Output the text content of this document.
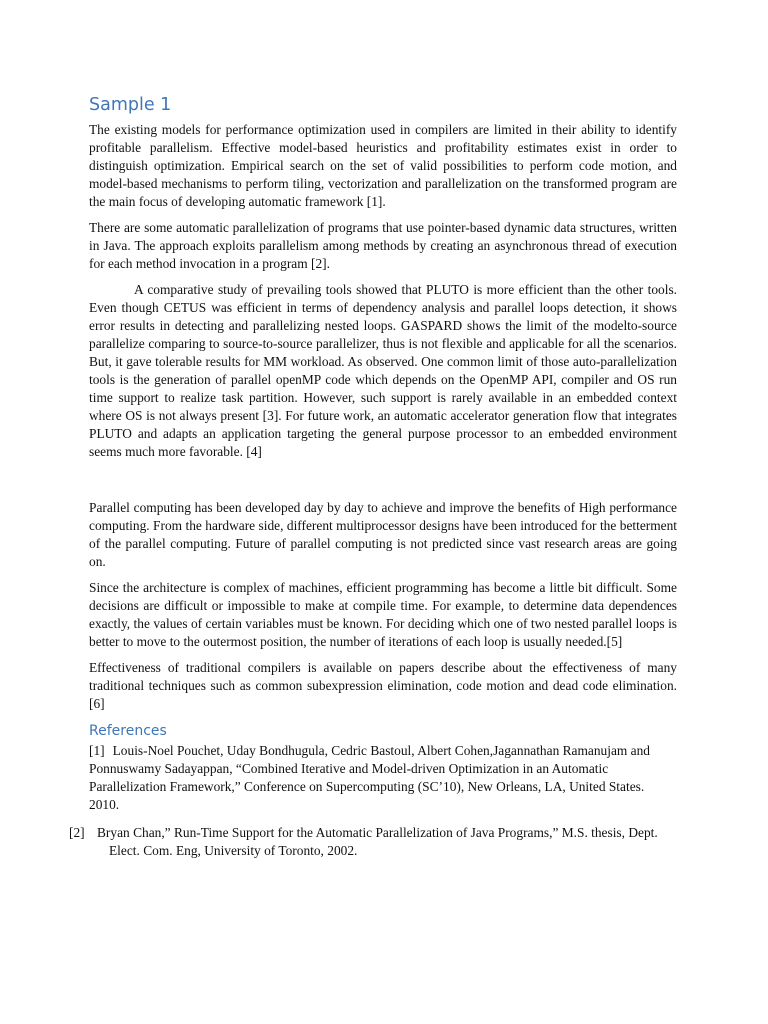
Sample 1

The existing models for performance optimization used in compilers are limited in their ability to identify profitable parallelism. Effective model-based heuristics and profitability estimates exist in order to distinguish optimization. Empirical search on the set of valid possibilities to perform code motion, and model-based mechanisms to perform tiling, vectorization and parallelization on the transformed program are the main focus of developing automatic framework [1].

There are some automatic parallelization of programs that use pointer-based dynamic data structures, written in Java. The approach exploits parallelism among methods by creating an asynchronous thread of execution for each method invocation in a program [2].

A comparative study of prevailing tools showed that PLUTO is more efficient than the other tools. Even though CETUS was efficient in terms of dependency analysis and parallel loops detection, it shows error results in detecting and parallelizing nested loops. GASPARD shows the limit of the modelto-source parallelize comparing to source-to-source parallelizer, thus is not flexible and applicable for all the scenarios. But, it gave tolerable results for MM workload. As observed. One common limit of those auto-parallelization tools is the generation of parallel openMP code which depends on the OpenMP API, compiler and OS run time support to realize task partition. However, such support is rarely available in an embedded context where OS is not always present [3]. For future work, an automatic accelerator generation flow that integrates PLUTO and adapts an application targeting the general purpose processor to an embedded environment seems much more favorable. [4]

Parallel computing has been developed day by day to achieve and improve the benefits of High performance computing. From the hardware side, different multiprocessor designs have been introduced for the betterment of the parallel computing. Future of parallel computing is not predicted since vast research areas are going on.

Since the architecture is complex of machines, efficient programming has become a little bit difficult. Some decisions are difficult or impossible to make at compile time. For example, to determine data dependences exactly, the values of certain variables must be known. For deciding which one of two nested parallel loops is better to move to the outermost position, the number of iterations of each loop is usually needed.[5]

Effectiveness of traditional compilers is available on papers describe about the effectiveness of many traditional techniques such as common subexpression elimination, code motion and dead code elimination.[6]

References

[1] Louis-Noel Pouchet, Uday Bondhugula, Cedric Bastoul, Albert Cohen,Jagannathan Ramanujam and Ponnuswamy Sadayappan, “Combined Iterative and Model-driven Optimization in an Automatic Parallelization Framework,” Conference on Supercomputing (SC’10), New Orleans, LA, United States. 2010.

[2] Bryan Chan,” Run-Time Support for the Automatic Parallelization of Java Programs,” M.S. thesis, Dept. Elect. Com. Eng, University of Toronto, 2002.
